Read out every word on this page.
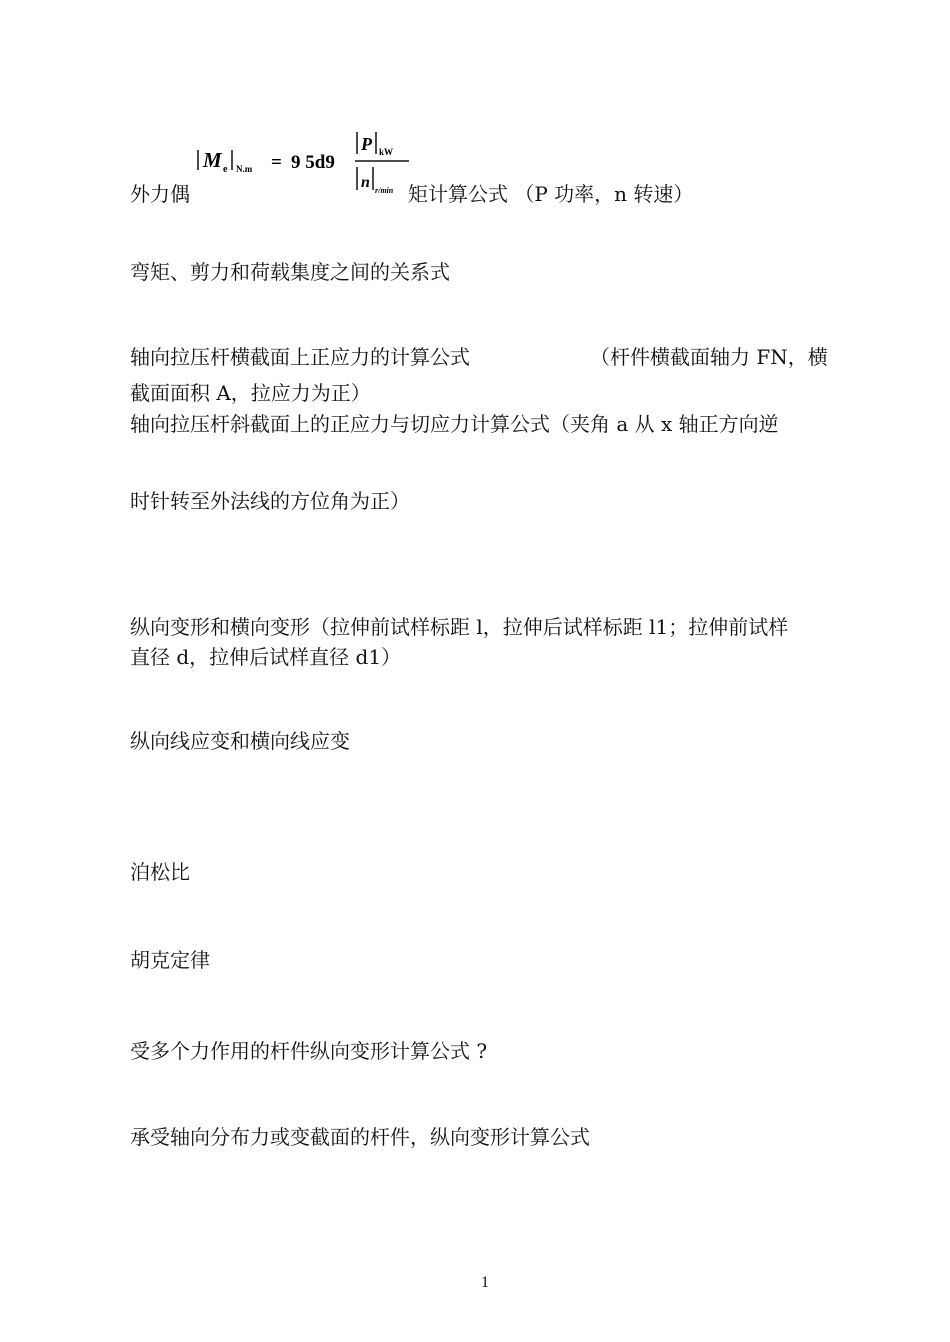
M e N.m = 9 5d9
P kW
n r/min
外力偶	矩计算公式 （P 功率，n 转速）
弯矩、剪力和荷载集度之间的关系式
轴向拉压杆横截面上正应力的计算公式	（杆件横截面轴力 FN，横
截面面积 A，拉应力为正）
轴向拉压杆斜截面上的正应力与切应力计算公式（夹角 a 从 x 轴正方向逆
时针转至外法线的方位角为正）
纵向变形和横向变形（拉伸前试样标距 l，拉伸后试样标距 l1；拉伸前试样
直径 d，拉伸后试样直径 d1）
纵向线应变和横向线应变
泊松比
胡克定律
受多个力作用的杆件纵向变形计算公式 ?
承受轴向分布力或变截面的杆件，纵向变形计算公式
1
